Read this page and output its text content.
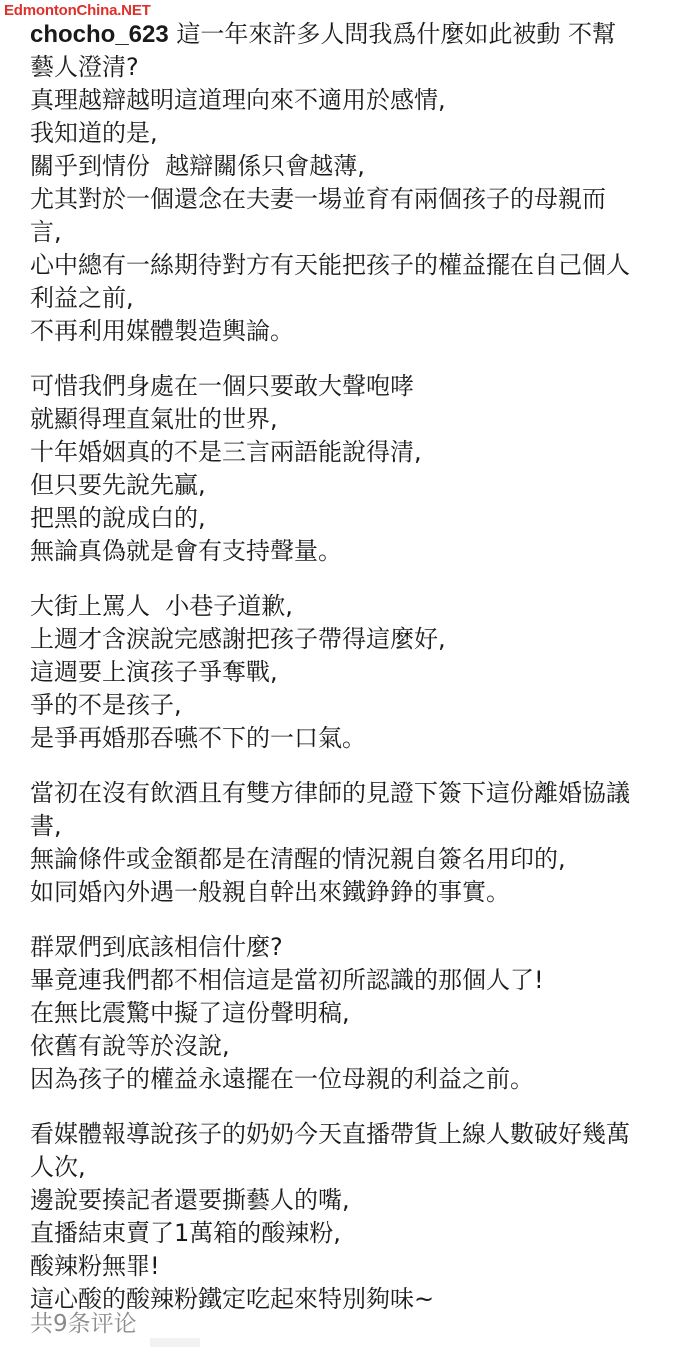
EdmontonChina.NET
chocho_623 這一年來許多人問我爲什麼如此被動 不幫
藝人澄清?
真理越辯越明這道理向來不適用於感情,
我知道的是,
關乎到情份  越辯關係只會越薄,
尤其對於一個還念在夫妻一場並育有兩個孩子的母親而
言,
心中總有一絲期待對方有天能把孩子的權益擺在自己個人
利益之前,
不再利用媒體製造輿論。
可惜我們身處在一個只要敢大聲咆哮
就顯得理直氣壯的世界,
十年婚姻真的不是三言兩語能說得清,
但只要先說先贏,
把黑的說成白的,
無論真偽就是會有支持聲量。
大街上罵人  小巷子道歉,
上週才含淚說完感謝把孩子帶得這麼好,
這週要上演孩子爭奪戰,
爭的不是孩子,
是爭再婚那吞嚥不下的一口氣。
當初在沒有飲酒且有雙方律師的見證下簽下這份離婚協議
書,
無論條件或金額都是在清醒的情況親自簽名用印的,
如同婚內外遇一般親自幹出來鐵錚錚的事實。
群眾們到底該相信什麼?
畢竟連我們都不相信這是當初所認識的那個人了!
在無比震驚中擬了這份聲明稿,
依舊有說等於沒說,
因為孩子的權益永遠擺在一位母親的利益之前。
看媒體報導說孩子的奶奶今天直播帶貨上線人數破好幾萬
人次,
邊說要揍記者還要撕藝人的嘴,
直播結束賣了1萬箱的酸辣粉,
酸辣粉無罪!
這心酸的酸辣粉鐵定吃起來特別夠味~
共9条评论
